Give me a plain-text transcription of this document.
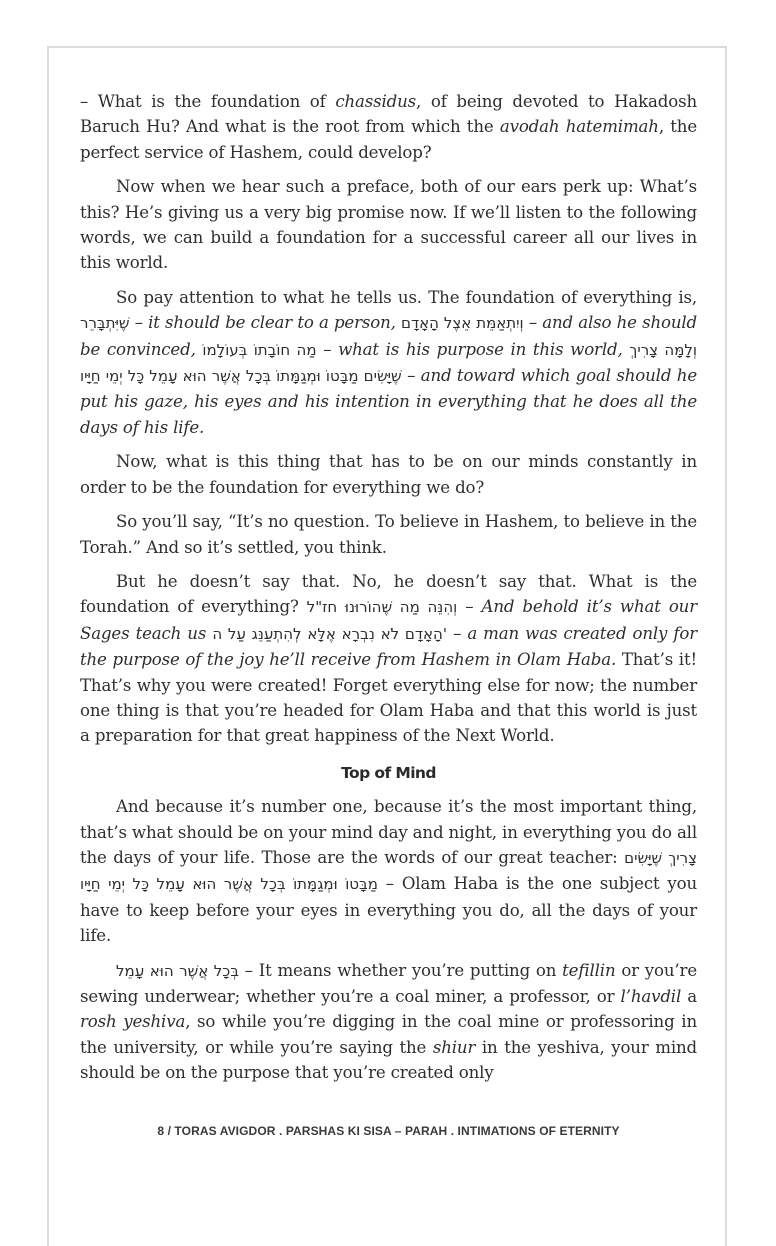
– What is the foundation of chassidus, of being devoted to Hakadosh Baruch Hu? And what is the root from which the avodah hatemimah, the perfect service of Hashem, could develop?

Now when we hear such a preface, both of our ears perk up: What’s this? He’s giving us a very big promise now. If we’ll listen to the following words, we can build a foundation for a successful career all our lives in this world.

So pay attention to what he tells us. The foundation of everything is, שֶׁיִּתְבָּרֵר – it should be clear to a person, וְיִתְאַמֵּת אֵצֶל הָאָדָם – and also he should be convinced, מַה חוֹבָתוֹ בְּעוֹלָמוֹ – what is his purpose in this world, וְלָמָּה צָרִיךְ שֶׁיָּשִׂים מַבָּטוֹ וּמְגַמָּתוֹ בְּכָל אֲשֶׁר הוּא עָמֵל כָּל יְמֵי חַיָּיו – and toward which goal should he put his gaze, his eyes and his intention in everything that he does all the days of his life.

Now, what is this thing that has to be on our minds constantly in order to be the foundation for everything we do?

So you’ll say, “It’s no question. To believe in Hashem, to believe in the Torah.” And so it’s settled, you think.

But he doesn’t say that. No, he doesn’t say that. What is the foundation of everything? וְהִנֵּה מַה שֶּׁהוֹרוּנוּ חז"ל – And behold it’s what our Sages teach us 'הָאָדָם לֹא נִבְרָא אֶלָּא לְהִתְעַנֵּג עַל ה – a man was created only for the purpose of the joy he’ll receive from Hashem in Olam Haba. That’s it! That’s why you were created! Forget everything else for now; the number one thing is that you’re headed for Olam Haba and that this world is just a preparation for that great happiness of the Next World.

Top of Mind

And because it’s number one, because it’s the most important thing, that’s what should be on your mind day and night, in everything you do all the days of your life. Those are the words of our great teacher: צָרִיךְ שֶׁיָּשִׂים מַבָּטוֹ וּמְגַמָּתוֹ בְּכָל אֲשֶׁר הוּא עָמֵל כָּל יְמֵי חַיָּיו – Olam Haba is the one subject you have to keep before your eyes in everything you do, all the days of your life.

בְּכָל אֲשֶׁר הוּא עָמֵל – It means whether you’re putting on tefillin or you’re sewing underwear; whether you’re a coal miner, a professor, or l’havdil a rosh yeshiva, so while you’re digging in the coal mine or professoring in the university, or while you’re saying the shiur in the yeshiva, your mind should be on the purpose that you’re created only

8 / TORAS AVIGDOR . PARSHAS KI SISA – PARAH . INTIMATIONS OF ETERNITY
